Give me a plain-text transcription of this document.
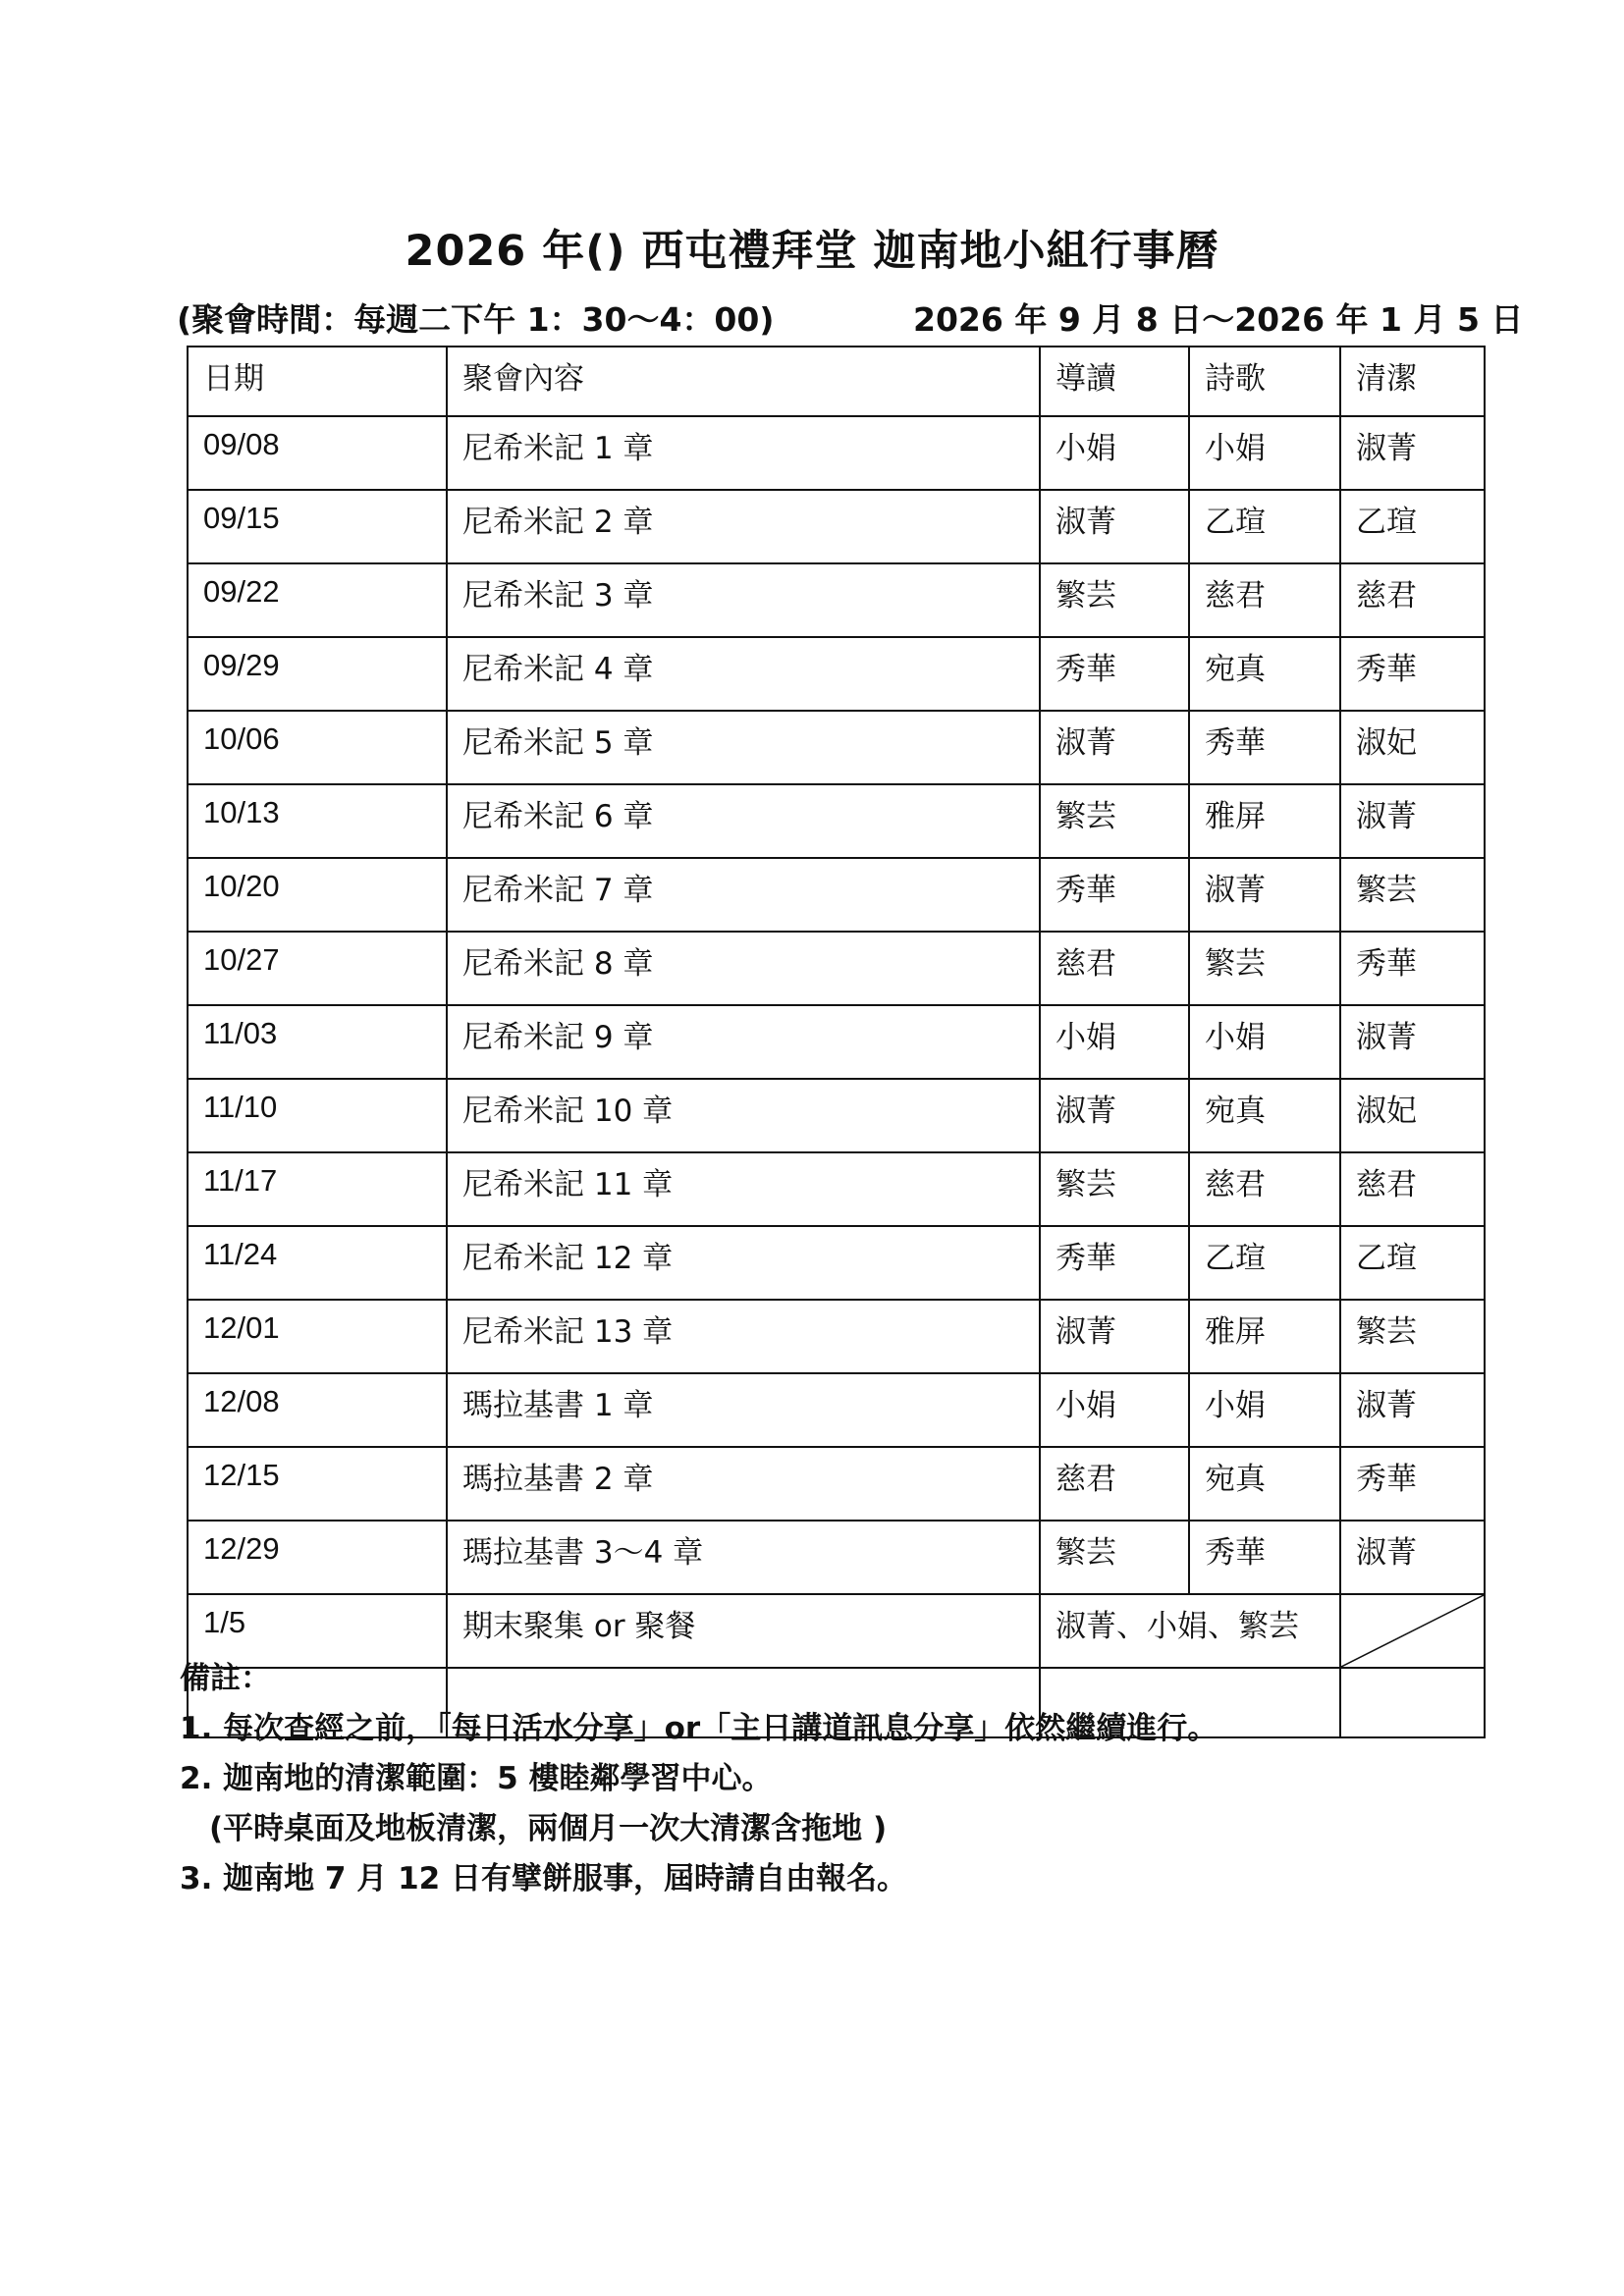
2026 年() 西屯禮拜堂 迦南地小組行事曆
(聚會時間：每週二下午 1：30～4：00)	2026 年 9 月 8 日～2026 年 1 月 5 日
日期	聚會內容	導讀	詩歌	清潔
09/08	尼希米記 1 章	小娟	小娟	淑菁
09/15	尼希米記 2 章	淑菁	乙瑄	乙瑄
09/22	尼希米記 3 章	繁芸	慈君	慈君
09/29	尼希米記 4 章	秀華	宛真	秀華
10/06	尼希米記 5 章	淑菁	秀華	淑妃
10/13	尼希米記 6 章	繁芸	雅屏	淑菁
10/20	尼希米記 7 章	秀華	淑菁	繁芸
10/27	尼希米記 8 章	慈君	繁芸	秀華
11/03	尼希米記 9 章	小娟	小娟	淑菁
11/10	尼希米記 10 章	淑菁	宛真	淑妃
11/17	尼希米記 11 章	繁芸	慈君	慈君
11/24	尼希米記 12 章	秀華	乙瑄	乙瑄
12/01	尼希米記 13 章	淑菁	雅屏	繁芸
12/08	瑪拉基書 1 章	小娟	小娟	淑菁
12/15	瑪拉基書 2 章	慈君	宛真	秀華
12/29	瑪拉基書 3～4 章	繁芸	秀華	淑菁
1/5	期末聚集 or 聚餐	淑菁、小娟、繁芸	

備註：
1. 每次查經之前，「每日活水分享」or「主日講道訊息分享」依然繼續進行。
2. 迦南地的清潔範圍：5 樓睦鄰學習中心。
(平時桌面及地板清潔，兩個月一次大清潔含拖地 )
3. 迦南地 7 月 12 日有擘餅服事，屆時請自由報名。
